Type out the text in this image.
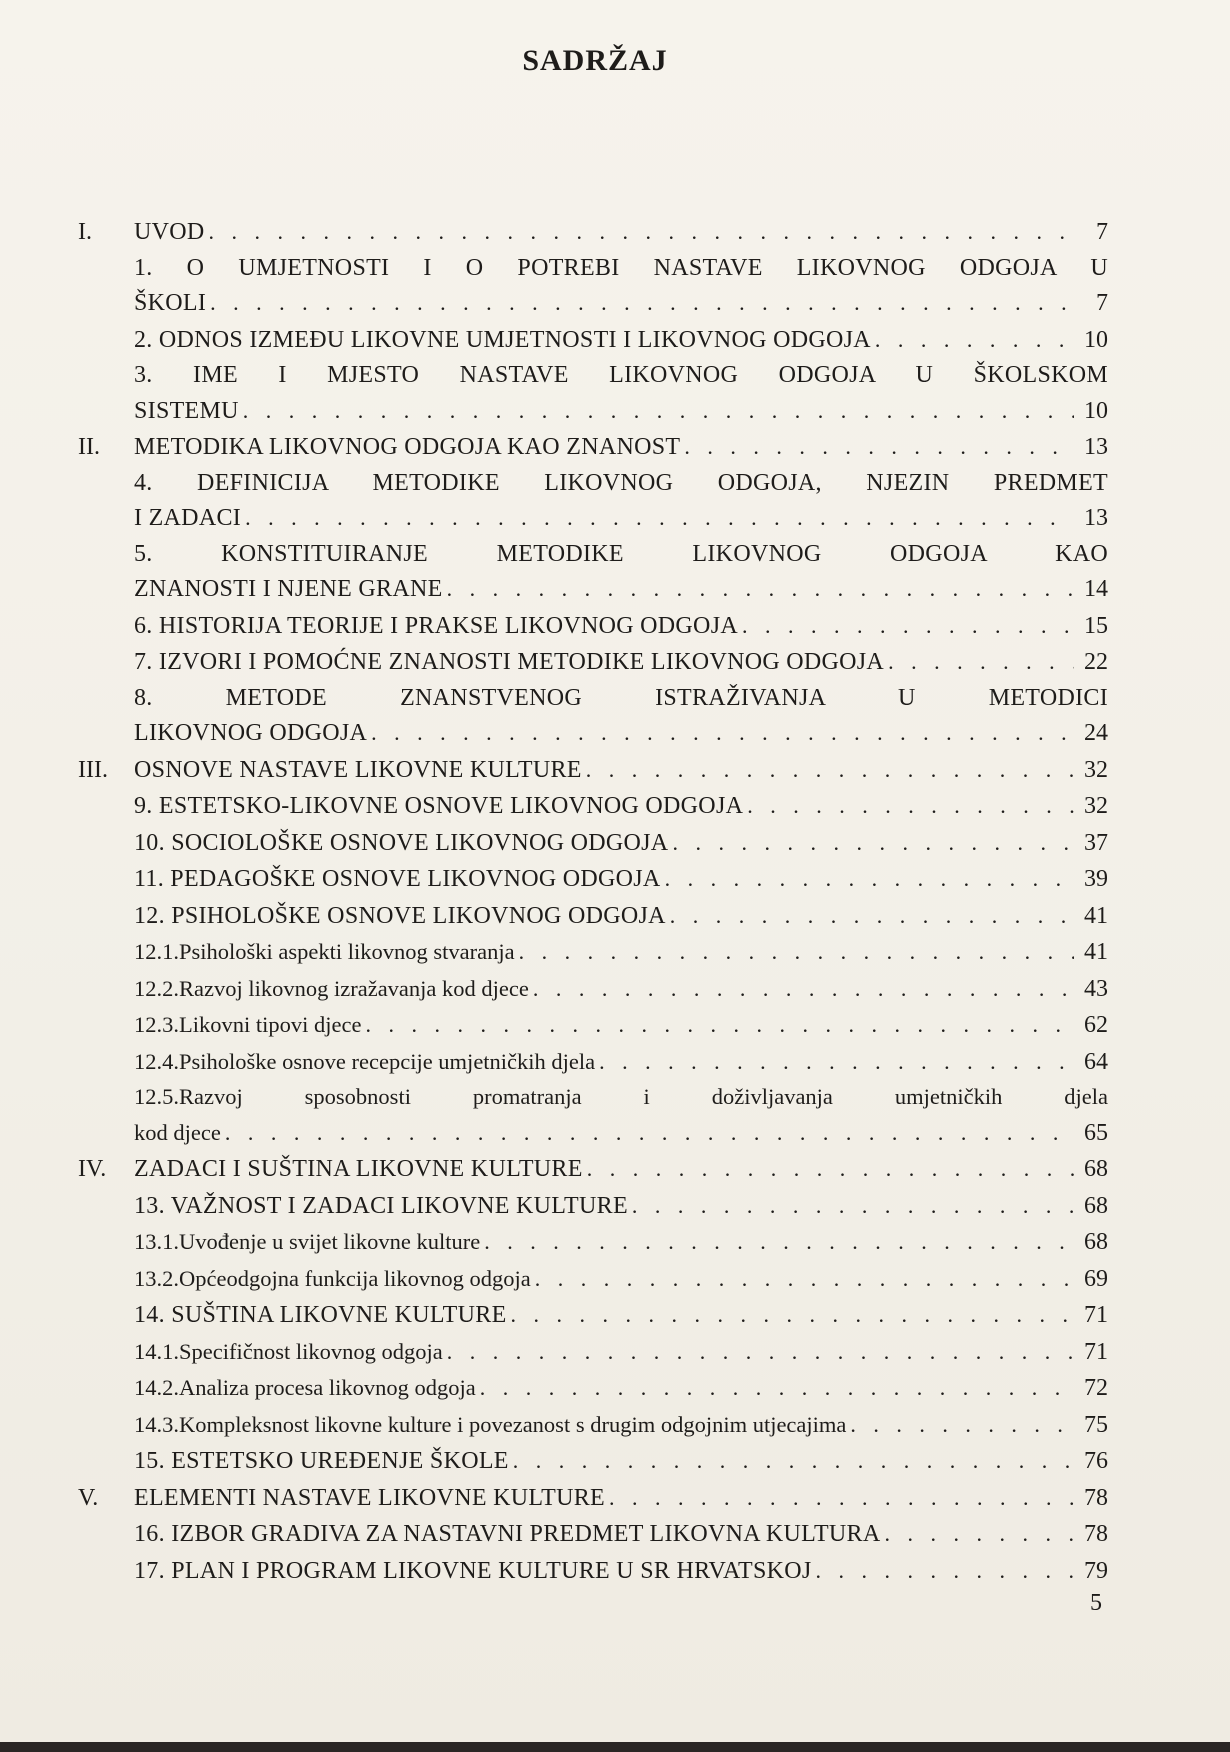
SADRŽAJ
I.	UVOD . . .	7
1. O UMJETNOSTI I O POTREBI NASTAVE LIKOVNOG ODGOJA U
ŠKOLI . . .	7
2. ODNOS IZMEĐU LIKOVNE UMJETNOSTI I LIKOVNOG ODGOJA . . .	10
3. IME I MJESTO NASTAVE LIKOVNOG ODGOJA U ŠKOLSKOM
SISTEMU . . .	10
II.	METODIKA LIKOVNOG ODGOJA KAO ZNANOST . . .	13
4. DEFINICIJA METODIKE LIKOVNOG ODGOJA, NJEZIN PREDMET
I ZADACI . . .	13
5. KONSTITUIRANJE METODIKE LIKOVNOG ODGOJA KAO
ZNANOSTI I NJENE GRANE . . .	14
6. HISTORIJA TEORIJE I PRAKSE LIKOVNOG ODGOJA . . .	15
7. IZVORI I POMOĆNE ZNANOSTI METODIKE LIKOVNOG ODGOJA . . .	22
8. METODE ZNANSTVENOG ISTRAŽIVANJA U METODICI
LIKOVNOG ODGOJA . . .	24
III.	OSNOVE NASTAVE LIKOVNE KULTURE . . .	32
9. ESTETSKO-LIKOVNE OSNOVE LIKOVNOG ODGOJA . . .	32
10. SOCIOLOŠKE OSNOVE LIKOVNOG ODGOJA . . .	37
11. PEDAGOŠKE OSNOVE LIKOVNOG ODGOJA . . .	39
12. PSIHOLOŠKE OSNOVE LIKOVNOG ODGOJA . . .	41
12.1.Psihološki aspekti likovnog stvaranja . . .	41
12.2.Razvoj likovnog izražavanja kod djece . . .	43
12.3.Likovni tipovi djece . . .	62
12.4.Psihološke osnove recepcije umjetničkih djela . . .	64
12.5.Razvoj sposobnosti promatranja i doživljavanja umjetničkih djela
kod djece . . .	65
IV.	ZADACI I SUŠTINA LIKOVNE KULTURE . . .	68
13. VAŽNOST I ZADACI LIKOVNE KULTURE . . .	68
13.1.Uvođenje u svijet likovne kulture . . .	68
13.2.Općeodgojna funkcija likovnog odgoja . . .	69
14. SUŠTINA LIKOVNE KULTURE . . .	71
14.1.Specifičnost likovnog odgoja . . .	71
14.2.Analiza procesa likovnog odgoja . . .	72
14.3.Kompleksnost likovne kulture i povezanost s drugim odgojnim utjecajima . . .	75
15. ESTETSKO UREĐENJE ŠKOLE . . .	76
V.	ELEMENTI NASTAVE LIKOVNE KULTURE . . .	78
16. IZBOR GRADIVA ZA NASTAVNI PREDMET LIKOVNA KULTURA . . .	78
17. PLAN I PROGRAM LIKOVNE KULTURE U SR HRVATSKOJ . . .	79
5
